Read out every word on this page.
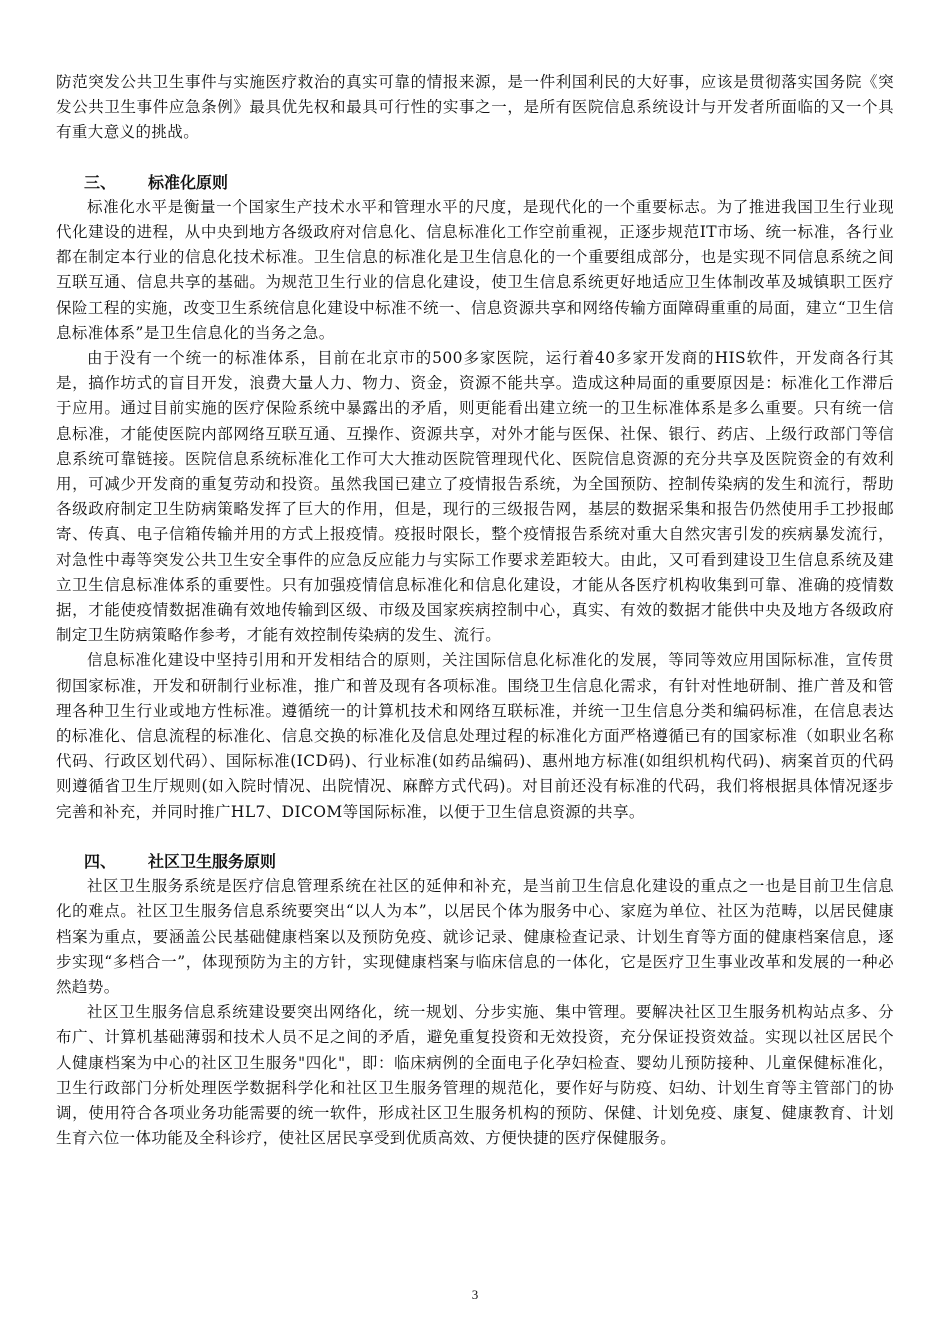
防范突发公共卫生事件与实施医疗救治的真实可靠的情报来源，是一件利国利民的大好事，应该是贯彻落实国务院《突发公共卫生事件应急条例》最具优先权和最具可行性的实事之一，是所有医院信息系统设计与开发者所面临的又一个具有重大意义的挑战。

三、 标准化原则

标准化水平是衡量一个国家生产技术水平和管理水平的尺度，是现代化的一个重要标志。为了推进我国卫生行业现代化建设的进程，从中央到地方各级政府对信息化、信息标准化工作空前重视，正逐步规范IT市场、统一标准，各行业都在制定本行业的信息化技术标准。卫生信息的标准化是卫生信息化的一个重要组成部分，也是实现不同信息系统之间互联互通、信息共享的基础。为规范卫生行业的信息化建设，使卫生信息系统更好地适应卫生体制改革及城镇职工医疗保险工程的实施，改变卫生系统信息化建设中标准不统一、信息资源共享和网络传输方面障碍重重的局面，建立“卫生信息标准体系”是卫生信息化的当务之急。

由于没有一个统一的标准体系，目前在北京市的500多家医院，运行着40多家开发商的HIS软件，开发商各行其是，搞作坊式的盲目开发，浪费大量人力、物力、资金，资源不能共享。造成这种局面的重要原因是：标准化工作滞后于应用。通过目前实施的医疗保险系统中暴露出的矛盾，则更能看出建立统一的卫生标准体系是多么重要。只有统一信息标准，才能使医院内部网络互联互通、互操作、资源共享，对外才能与医保、社保、银行、药店、上级行政部门等信息系统可靠链接。医院信息系统标准化工作可大大推动医院管理现代化、医院信息资源的充分共享及医院资金的有效利用，可减少开发商的重复劳动和投资。虽然我国已建立了疫情报告系统，为全国预防、控制传染病的发生和流行，帮助各级政府制定卫生防病策略发挥了巨大的作用，但是，现行的三级报告网，基层的数据采集和报告仍然使用手工抄报邮寄、传真、电子信箱传输并用的方式上报疫情。疫报时限长，整个疫情报告系统对重大自然灾害引发的疾病暴发流行，对急性中毒等突发公共卫生安全事件的应急反应能力与实际工作要求差距较大。由此，又可看到建设卫生信息系统及建立卫生信息标准体系的重要性。只有加强疫情信息标准化和信息化建设，才能从各医疗机构收集到可靠、准确的疫情数据，才能使疫情数据准确有效地传输到区级、市级及国家疾病控制中心，真实、有效的数据才能供中央及地方各级政府制定卫生防病策略作参考，才能有效控制传染病的发生、流行。

信息标准化建设中坚持引用和开发相结合的原则，关注国际信息化标准化的发展，等同等效应用国际标准，宣传贯彻国家标准，开发和研制行业标准，推广和普及现有各项标准。围绕卫生信息化需求，有针对性地研制、推广普及和管理各种卫生行业或地方性标准。遵循统一的计算机技术和网络互联标准，并统一卫生信息分类和编码标准，在信息表达的标准化、信息流程的标准化、信息交换的标准化及信息处理过程的标准化方面严格遵循已有的国家标准（如职业名称代码、行政区划代码）、国际标准(ICD码)、行业标准(如药品编码)、惠州地方标准(如组织机构代码)、病案首页的代码则遵循省卫生厅规则(如入院时情况、出院情况、麻醉方式代码)。对目前还没有标准的代码，我们将根据具体情况逐步完善和补充，并同时推广HL7、DICOM等国际标准，以便于卫生信息资源的共享。

四、 社区卫生服务原则

社区卫生服务系统是医疗信息管理系统在社区的延伸和补充，是当前卫生信息化建设的重点之一也是目前卫生信息化的难点。社区卫生服务信息系统要突出“以人为本”，以居民个体为服务中心、家庭为单位、社区为范畴，以居民健康档案为重点，要涵盖公民基础健康档案以及预防免疫、就诊记录、健康检查记录、计划生育等方面的健康档案信息，逐步实现“多档合一”，体现预防为主的方针，实现健康档案与临床信息的一体化，它是医疗卫生事业改革和发展的一种必然趋势。

社区卫生服务信息系统建设要突出网络化，统一规划、分步实施、集中管理。要解决社区卫生服务机构站点多、分布广、计算机基础薄弱和技术人员不足之间的矛盾，避免重复投资和无效投资，充分保证投资效益。实现以社区居民个人健康档案为中心的社区卫生服务"四化"，即：临床病例的全面电子化孕妇检查、婴幼儿预防接种、儿童保健标准化，卫生行政部门分析处理医学数据科学化和社区卫生服务管理的规范化，要作好与防疫、妇幼、计划生育等主管部门的协调，使用符合各项业务功能需要的统一软件，形成社区卫生服务机构的预防、保健、计划免疫、康复、健康教育、计划生育六位一体功能及全科诊疗，使社区居民享受到优质高效、方便快捷的医疗保健服务。

3
